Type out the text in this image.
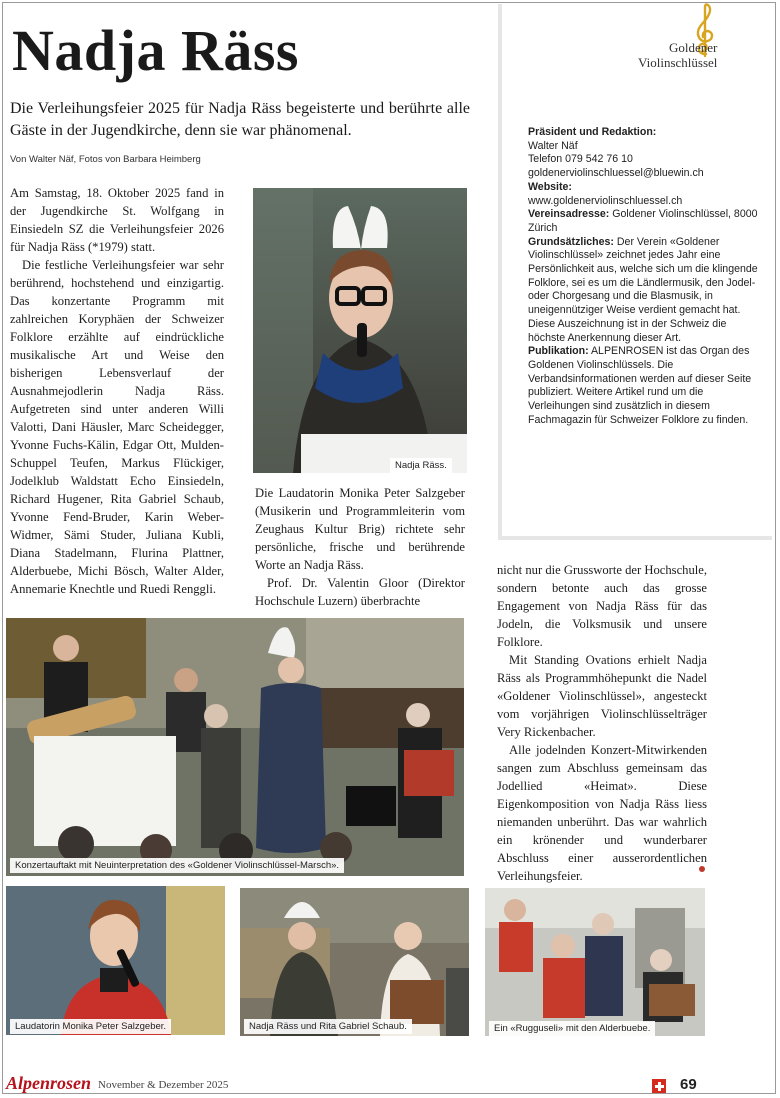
Nadja Räss
Die Verleihungsfeier 2025 für Nadja Räss begeisterte und berührte alle Gäste in der Jugendkirche, denn sie war phänomenal.
Von Walter Näf, Fotos von Barbara Heimberg

Am Samstag, 18. Oktober 2025 fand in der Jugendkirche St. Wolfgang in Einsiedeln SZ die Verleihungsfeier 2026 für Nadja Räss (*1979) statt.

Die festliche Verleihungsfeier war sehr berührend, hochstehend und einzigartig. Das konzertante Programm mit zahlreichen Koryphäen der Schweizer Folklore erzählte auf eindrückliche musikalische Art und Weise den bisherigen Lebensverlauf der Ausnahmejodlerin Nadja Räss. Aufgetreten sind unter anderen Willi Valotti, Dani Häusler, Marc Scheidegger, Yvonne Fuchs-Kälin, Edgar Ott, Mulden-Schuppel Teufen, Markus Flückiger, Jodelklub Waldstatt Echo Einsiedeln, Richard Hugener, Rita Gabriel Schaub, Yvonne Fend-Bruder, Karin Weber-Widmer, Sämi Studer, Juliana Kubli, Diana Stadelmann, Flurina Plattner, Alderbuebe, Michi Bösch, Walter Alder, Annemarie Knechtle und Ruedi Renggli.

Nadja Räss.

Die Laudatorin Monika Peter Salzgeber (Musikerin und Programmleiterin vom Zeughaus Kultur Brig) richtete sehr persönliche, frische und berührende Worte an Nadja Räss.

Prof. Dr. Valentin Gloor (Direktor Hochschule Luzern) überbrachte

Goldener
Violinschlüssel
Präsident und Redaktion:
Walter Näf
Telefon 079 542 76 10
goldenerviolinschluessel@bluewin.ch
Website:
www.goldenerviolinschluessel.ch
Vereinsadresse: Goldener Violinschlüssel, 8000 Zürich
Grundsätzliches: Der Verein «Goldener Violinschlüssel» zeichnet jedes Jahr eine Persönlichkeit aus, welche sich um die klingende Folklore, sei es um die Ländlermusik, den Jodel- oder Chorgesang und die Blasmusik, in uneigennütziger Weise verdient gemacht hat. Diese Auszeichnung ist in der Schweiz die höchste Anerkennung dieser Art.
Publikation: ALPENROSEN ist das Organ des Goldenen Violinschlüssels. Die Verbandsinformationen werden auf dieser Seite publiziert. Weitere Artikel rund um die Verleihungen sind zusätzlich in diesem Fachmagazin für Schweizer Folklore zu finden.

nicht nur die Grussworte der Hochschule, sondern betonte auch das grosse Engagement von Nadja Räss für das Jodeln, die Volksmusik und unsere Folklore.

Mit Standing Ovations erhielt Nadja Räss als Programmhöhepunkt die Nadel «Goldener Violinschlüssel», angesteckt vom vorjährigen Violinschlüsselträger Very Rickenbacher.

Alle jodelnden Konzert-Mitwirkenden sangen zum Abschluss gemeinsam das Jodellied «Heimat». Diese Eigenkomposition von Nadja Räss liess niemanden unberührt. Das war wahrlich ein krönender und wunderbarer Abschluss einer ausserordentlichen Verleihungsfeier.

Konzertauftakt mit Neuinterpretation des «Goldener Violinschlüssel-Marsch».
Laudatorin Monika Peter Salzgeber.	Nadja Räss und Rita Gabriel Schaub.	Ein «Rugguseli» mit den Alderbuebe.
Alpenrosen November & Dezember 2025	69
